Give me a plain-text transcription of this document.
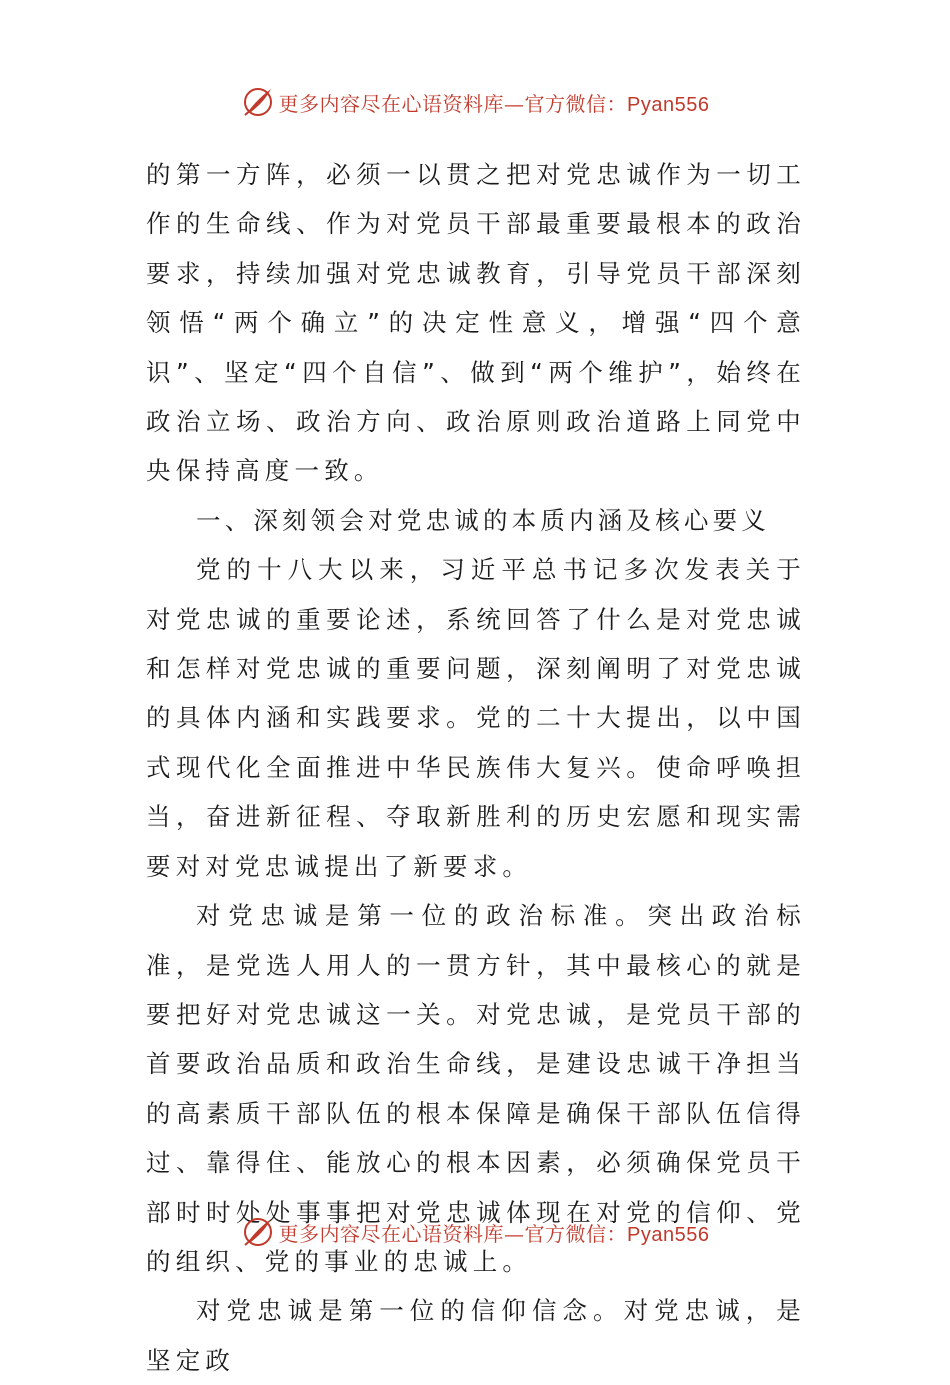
更多内容尽在心语资料库—官方微信：Pyan556

的第一方阵，必须一以贯之把对党忠诚作为一切工作的生命线、作为对党员干部最重要最根本的政治要求，持续加强对党忠诚教育，引导党员干部深刻领悟“两个确立”的决定性意义，增强“四个意识”、坚定“四个自信”、做到“两个维护”，始终在政治立场、政治方向、政治原则政治道路上同党中央保持高度一致。

一、深刻领会对党忠诚的本质内涵及核心要义

党的十八大以来，习近平总书记多次发表关于对党忠诚的重要论述，系统回答了什么是对党忠诚和怎样对党忠诚的重要问题，深刻阐明了对党忠诚的具体内涵和实践要求。党的二十大提出，以中国式现代化全面推进中华民族伟大复兴。使命呼唤担当，奋进新征程、夺取新胜利的历史宏愿和现实需要对对党忠诚提出了新要求。

对党忠诚是第一位的政治标准。突出政治标准，是党选人用人的一贯方针，其中最核心的就是要把好对党忠诚这一关。对党忠诚，是党员干部的首要政治品质和政治生命线，是建设忠诚干净担当的高素质干部队伍的根本保障是确保干部队伍信得过、靠得住、能放心的根本因素，必须确保党员干部时时处处事事把对党忠诚体现在对党的信仰、党的组织、党的事业的忠诚上。

对党忠诚是第一位的信仰信念。对党忠诚，是坚定政

更多内容尽在心语资料库—官方微信：Pyan556
